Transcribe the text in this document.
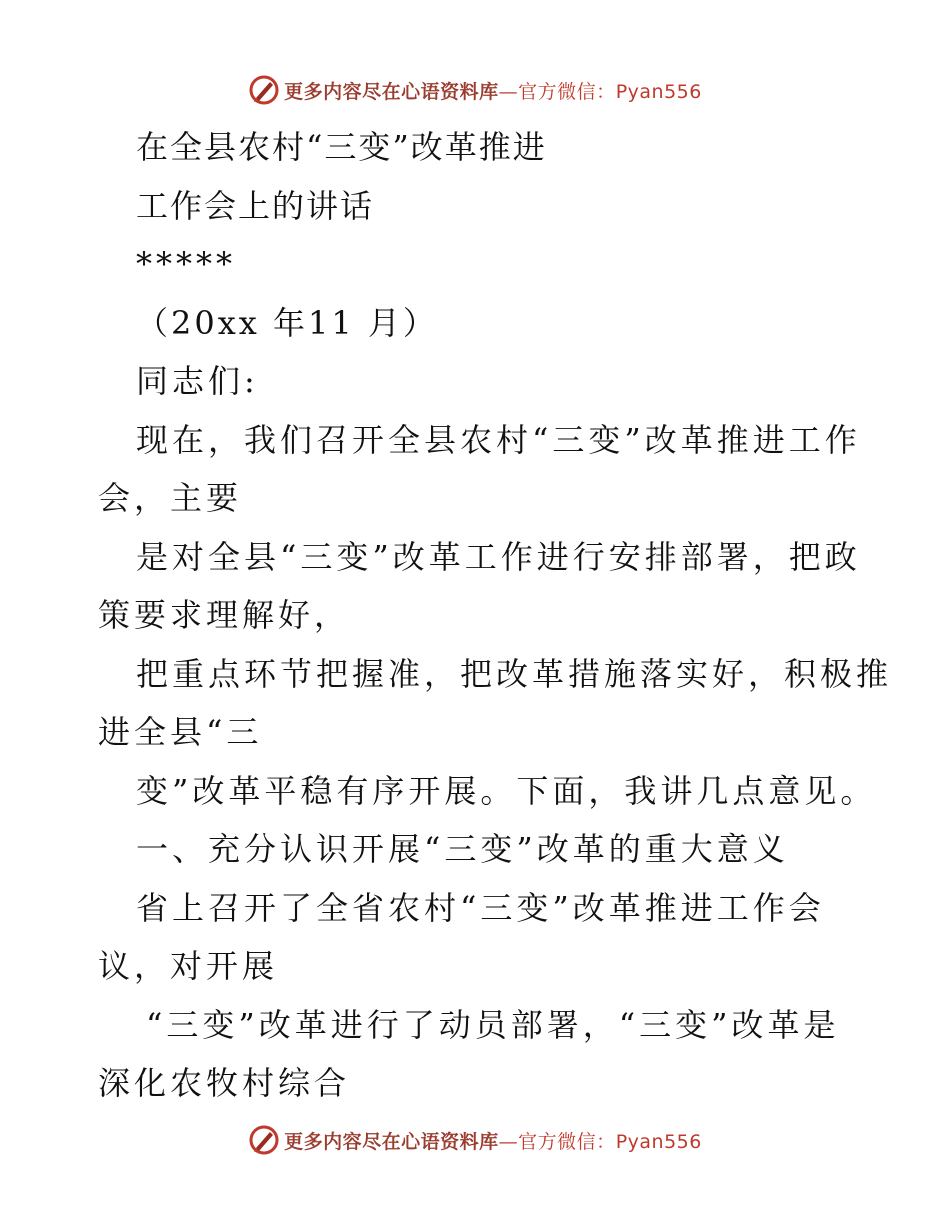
更多内容尽在心语资料库—官方微信：Pyan556
在全县农村“三变”改革推进
工作会上的讲话
*****
（20xx 年11 月）
同志们:
现在，我们召开全县农村“三变”改革推进工作
会，主要
是对全县“三变”改革工作进行安排部署，把政
策要求理解好，
把重点环节把握准，把改革措施落实好，积极推
进全县“三
变”改革平稳有序开展。下面，我讲几点意见。
一、充分认识开展“三变”改革的重大意义
省上召开了全省农村“三变”改革推进工作会
议，对开展
“三变”改革进行了动员部署，“三变”改革是
深化农牧村综合
更多内容尽在心语资料库—官方微信：Pyan556
